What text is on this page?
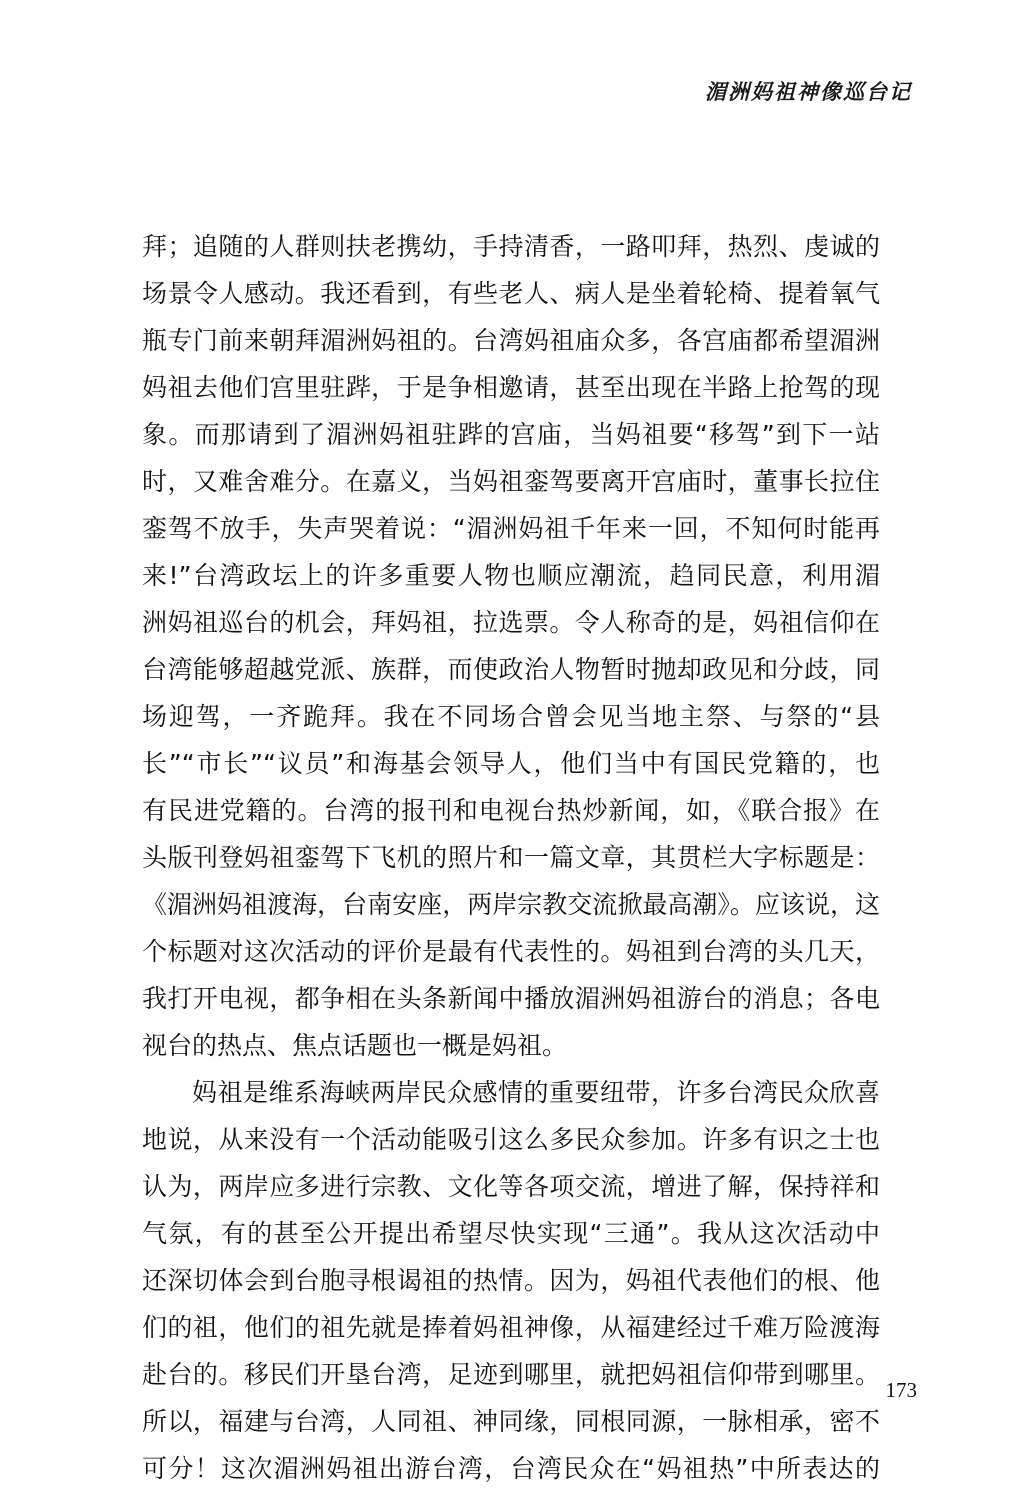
湄洲妈祖神像巡台记
拜；追随的人群则扶老携幼，手持清香，一路叩拜，热烈、虔诚的
场景令人感动。我还看到，有些老人、病人是坐着轮椅、提着氧气
瓶专门前来朝拜湄洲妈祖的。台湾妈祖庙众多，各宫庙都希望湄洲
妈祖去他们宫里驻跸，于是争相邀请，甚至出现在半路上抢驾的现
象。而那请到了湄洲妈祖驻跸的宫庙，当妈祖要“移驾”到下一站
时，又难舍难分。在嘉义，当妈祖銮驾要离开宫庙时，董事长拉住
銮驾不放手，失声哭着说：“湄洲妈祖千年来一回，不知何时能再
来!”台湾政坛上的许多重要人物也顺应潮流，趋同民意，利用湄
洲妈祖巡台的机会，拜妈祖，拉选票。令人称奇的是，妈祖信仰在
台湾能够超越党派、族群，而使政治人物暂时抛却政见和分歧，同
场迎驾，一齐跪拜。我在不同场合曾会见当地主祭、与祭的“县
长”“市长”“议员”和海基会领导人，他们当中有国民党籍的，也
有民进党籍的。台湾的报刊和电视台热炒新闻，如，《联合报》在
头版刊登妈祖銮驾下飞机的照片和一篇文章，其贯栏大字标题是：
《湄洲妈祖渡海，台南安座，两岸宗教交流掀最高潮》。应该说，这
个标题对这次活动的评价是最有代表性的。妈祖到台湾的头几天，
我打开电视，都争相在头条新闻中播放湄洲妈祖游台的消息；各电
视台的热点、焦点话题也一概是妈祖。
妈祖是维系海峡两岸民众感情的重要纽带，许多台湾民众欣喜
地说，从来没有一个活动能吸引这么多民众参加。许多有识之士也
认为，两岸应多进行宗教、文化等各项交流，增进了解，保持祥和
气氛，有的甚至公开提出希望尽快实现“三通”。我从这次活动中
还深切体会到台胞寻根谒祖的热情。因为，妈祖代表他们的根、他
们的祖，他们的祖先就是捧着妈祖神像，从福建经过千难万险渡海
赴台的。移民们开垦台湾，足迹到哪里，就把妈祖信仰带到哪里。
所以，福建与台湾，人同祖、神同缘，同根同源，一脉相承，密不
可分！这次湄洲妈祖出游台湾，台湾民众在“妈祖热”中所表达的
173
